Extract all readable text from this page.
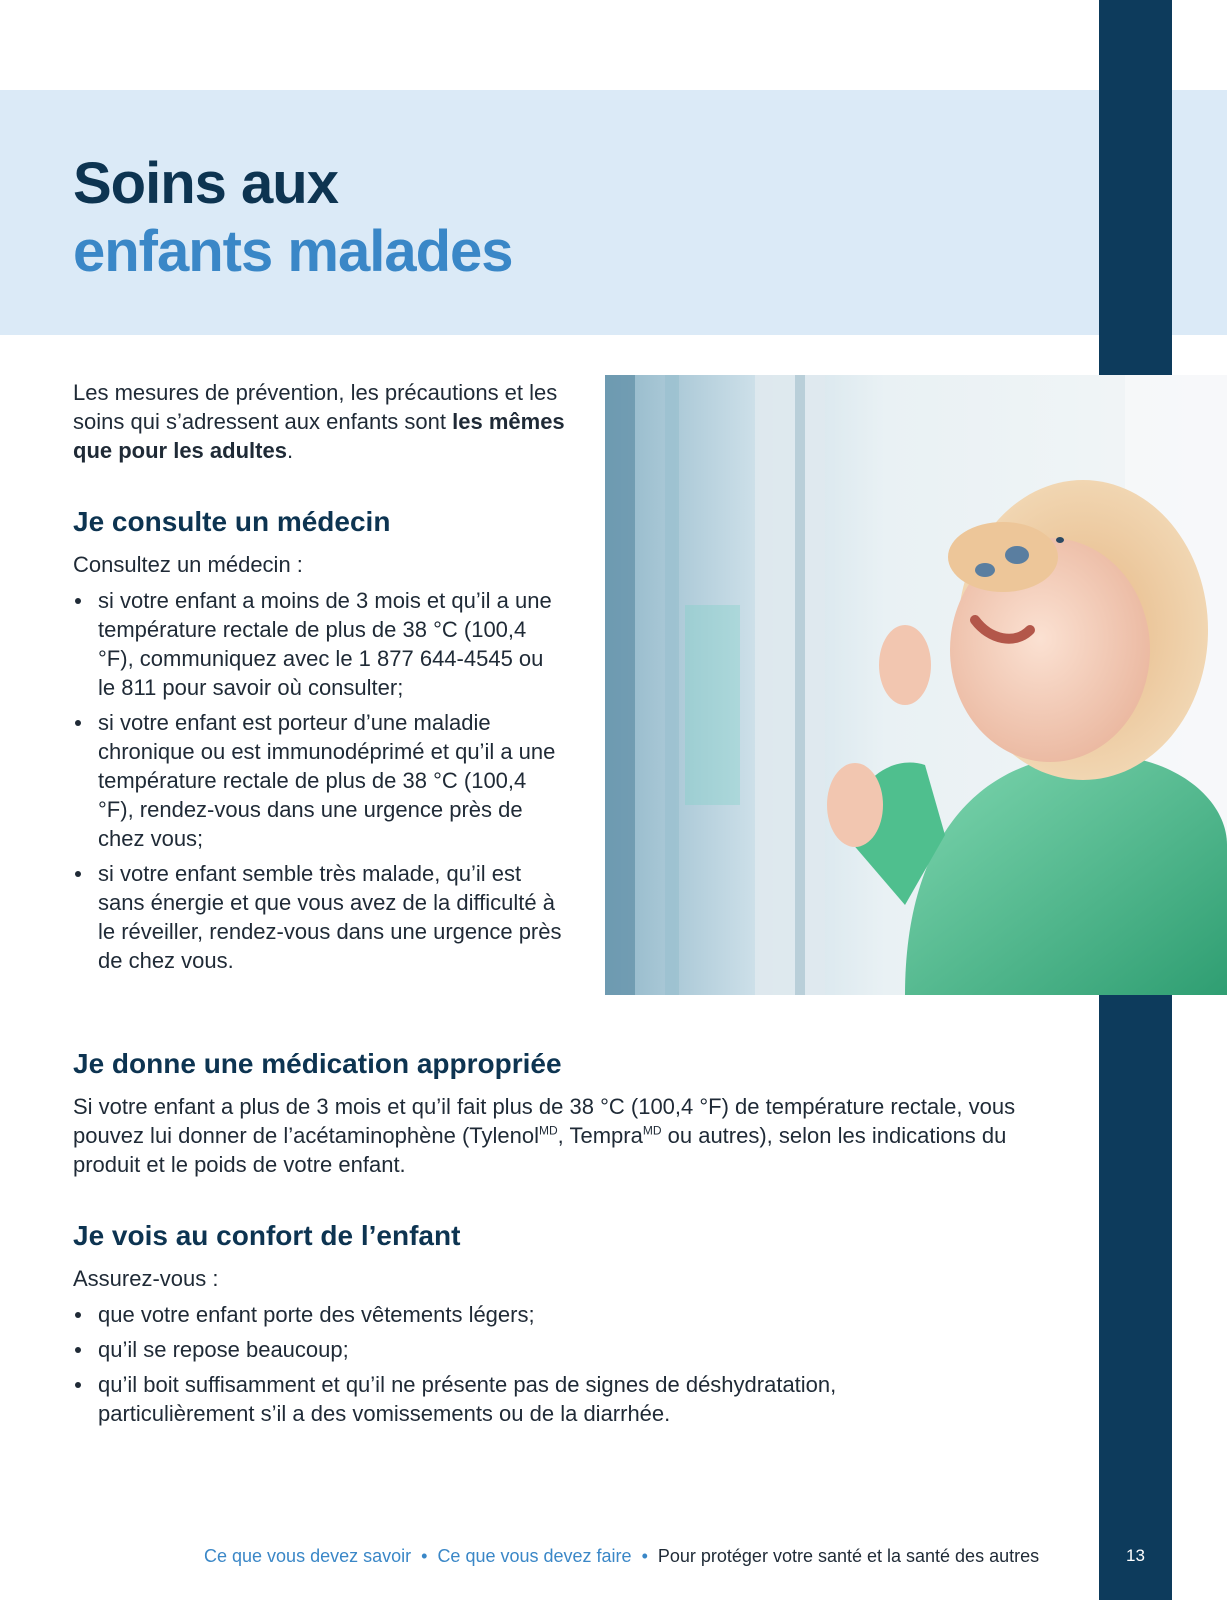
Soins aux
enfants malades

Les mesures de prévention, les précautions et les soins qui s’adressent aux enfants sont les mêmes que pour les adultes.

Je consulte un médecin

Consultez un médecin :

si votre enfant a moins de 3 mois et qu’il a une température rectale de plus de 38 °C (100,4 °F), communiquez avec le 1 877 644-4545 ou le 811 pour savoir où consulter;
si votre enfant est porteur d’une maladie chronique ou est immunodéprimé et qu’il a une température rectale de plus de 38 °C (100,4 °F), rendez-vous dans une urgence près de chez vous;
si votre enfant semble très malade, qu’il est sans énergie et que vous avez de la difficulté à le réveiller, rendez-vous dans une urgence près de chez vous.
Je donne une médication appropriée

Si votre enfant a plus de 3 mois et qu’il fait plus de 38 °C (100,4 °F) de température rectale, vous pouvez lui donner de l’acétaminophène (Tylenol$^{MD}$, Tempra$^{MD}$ ou autres), selon les indications du produit et le poids de votre enfant.

Je vois au confort de l’enfant

Assurez-vous :

que votre enfant porte des vêtements légers;
qu’il se repose beaucoup;
qu’il boit suffisamment et qu’il ne présente pas de signes de déshydratation, particulièrement s’il a des vomissements ou de la diarrhée.
Ce que vous devez savoir • Ce que vous devez faire • Pour protéger votre santé et la santé des autres	13
